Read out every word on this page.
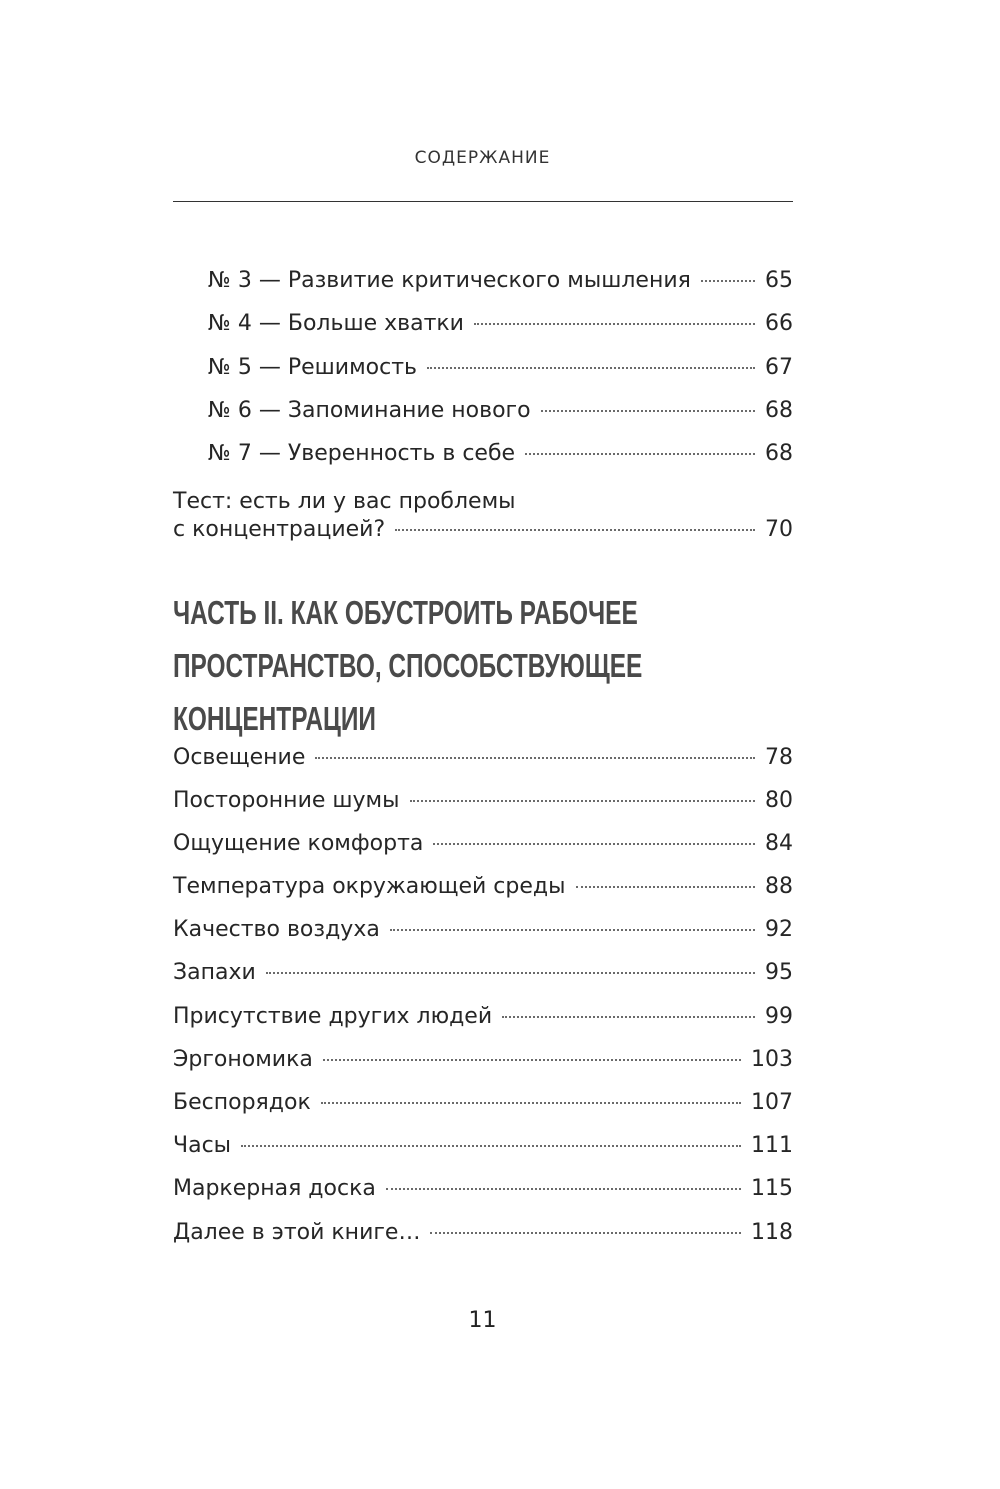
СОДЕРЖАНИЕ
№ 3 — Развитие критического мышления	65
№ 4 — Больше хватки	66
№ 5 — Решимость	67
№ 6 — Запоминание нового	68
№ 7 — Уверенность в себе	68
Тест: есть ли у вас проблемы
с концентрацией?	70
ЧАСТЬ II. КАК ОБУСТРОИТЬ РАБОЧЕЕ
ПРОСТРАНСТВО, СПОСОБСТВУЮЩЕЕ
КОНЦЕНТРАЦИИ
Освещение	78
Посторонние шумы	80
Ощущение комфорта	84
Температура окружающей среды	88
Качество воздуха	92
Запахи	95
Присутствие других людей	99
Эргономика	103
Беспорядок	107
Часы	111
Маркерная доска	115
Далее в этой книге…	118
11
